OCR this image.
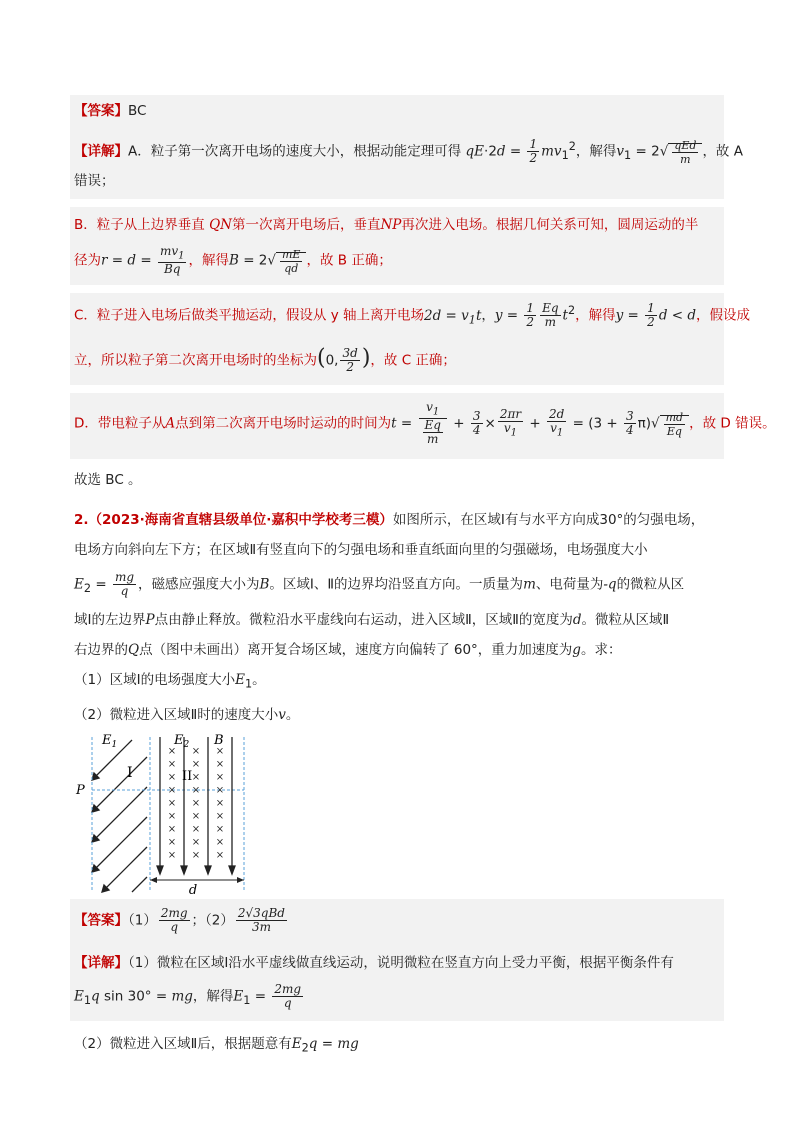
【答案】BC
【详解】A．粒子第一次离开电场的速度大小，根据动能定理可得 $qE\cdot 2d = \frac{1}{2} mv_1^2$，解得$v_1 = 2√ \frac{\text{qEd}}{m}$ ，故 A
错误；
B．粒子从上边界垂直 QN第一次离开电场后，垂直NP再次进入电场。根据几何关系可知，圆周运动的半
径为$r = d = \frac{mv_1}{Bq}$ ，解得$B = 2√ \frac{mE}{qd}$ ，故 B 正确；
C．粒子进入电场后做类平抛运动，假设从 y 轴上离开电场$2d = v_1t$，$y = \frac{1}{2} \frac{Eq}{m} t^2$，解得$y = \frac{1}{2}$ d < d，假设成
立，所以粒子第二次离开电场时的坐标为(0, $\frac{3d}{2}$ )，故 C 正确；
D．带电粒子从A点到第二次离开电场时运动的时间为$t = v_1$
Eq
$m + \frac{3}{4} \times \frac{2\pi r}{v_1} + \frac{2d}{v_1} = (3 + \frac{3}{4} \pi)√ \frac{md}{Eq}$ ，故 D 错误。
故选 BC 。
2.（2023·海南省直辖县级单位·嘉积中学校考三模）如图所示，在区域Ⅰ有与水平方向成30°的匀强电场，
电场方向斜向左下方；在区域Ⅱ有竖直向下的匀强电场和垂直纸面向里的匀强磁场，电场强度大小
$E_2 = \frac{mg}{q}$ ，磁感应强度大小为B。区域Ⅰ、Ⅱ的边界均沿竖直方向。一质量为m、电荷量为-q的微粒从区
域Ⅰ的左边界P点由静止释放。微粒沿水平虚线向右运动，进入区域Ⅱ，区域Ⅱ的宽度为d。微粒从区域Ⅱ
右边界的Q点（图中未画出）离开复合场区域，速度方向偏转了 60°，重力加速度为g。求：
（1）区域Ⅰ的电场强度大小$E_1$。
（2）微粒进入区域Ⅱ时的速度大小v。
× × ×
× × ×
× × ×
× × ×
× × ×
× × ×
× × ×
× × ×
× × ×
$E_1$	$E_2$ B
I	II
P
d
【答案】$(1) \frac{2mg}{q}$ ；$(2) \frac{\text{2√3qBd}}{3m}$
【详解】（1）微粒在区域Ⅰ沿水平虚线做直线运动，说明微粒在竖直方向上受力平衡，根据平衡条件有
$E_1q$ sin 30° = mg，解得$E_1 = \frac{2mg}{q}$
（2）微粒进入区域Ⅱ后，根据题意有$E_2q$ = mg
